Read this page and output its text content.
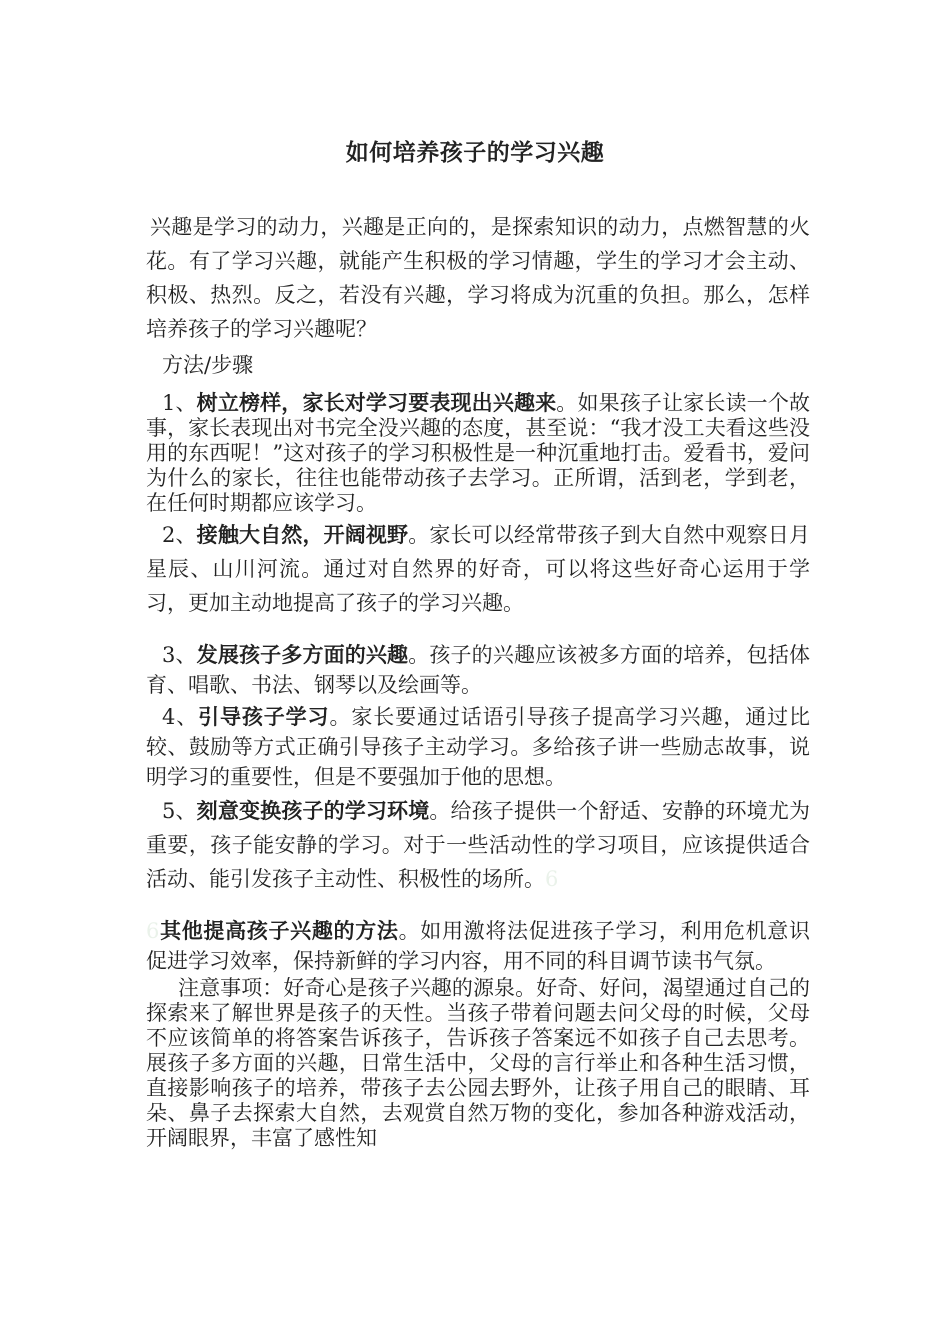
如何培养孩子的学习兴趣

兴趣是学习的动力，兴趣是正向的，是探索知识的动力，点燃智慧的火花。有了学习兴趣，就能产生积极的学习情趣，学生的学习才会主动、积极、热烈。反之，若没有兴趣，学习将成为沉重的负担。那么，怎样培养孩子的学习兴趣呢？

方法/步骤

1、树立榜样，家长对学习要表现出兴趣来。如果孩子让家长读一个故事，家长表现出对书完全没兴趣的态度，甚至说：“我才没工夫看这些没用的东西呢！”这对孩子的学习积极性是一种沉重地打击。爱看书，爱问为什么的家长，往往也能带动孩子去学习。正所谓，活到老，学到老，在任何时期都应该学习。

2、接触大自然，开阔视野。家长可以经常带孩子到大自然中观察日月星辰、山川河流。通过对自然界的好奇，可以将这些好奇心运用于学习，更加主动地提高了孩子的学习兴趣。

3、发展孩子多方面的兴趣。孩子的兴趣应该被多方面的培养，包括体育、唱歌、书法、钢琴以及绘画等。

4、引导孩子学习。家长要通过话语引导孩子提高学习兴趣，通过比较、鼓励等方式正确引导孩子主动学习。多给孩子讲一些励志故事，说明学习的重要性，但是不要强加于他的思想。

5、刻意变换孩子的学习环境。给孩子提供一个舒适、安静的环境尤为重要，孩子能安静的学习。对于一些活动性的学习项目，应该提供适合活动、能引发孩子主动性、积极性的场所。6

6其他提高孩子兴趣的方法。如用激将法促进孩子学习，利用危机意识促进学习效率，保持新鲜的学习内容，用不同的科目调节读书气氛。

注意事项：好奇心是孩子兴趣的源泉。好奇、好问，渴望通过自己的探索来了解世界是孩子的天性。当孩子带着问题去问父母的时候，父母不应该简单的将答案告诉孩子，告诉孩子答案远不如孩子自己去思考。展孩子多方面的兴趣，日常生活中，父母的言行举止和各种生活习惯，直接影响孩子的培养，带孩子去公园去野外，让孩子用自己的眼睛、耳朵、鼻子去探索大自然，去观赏自然万物的变化，参加各种游戏活动，开阔眼界，丰富了感性知
